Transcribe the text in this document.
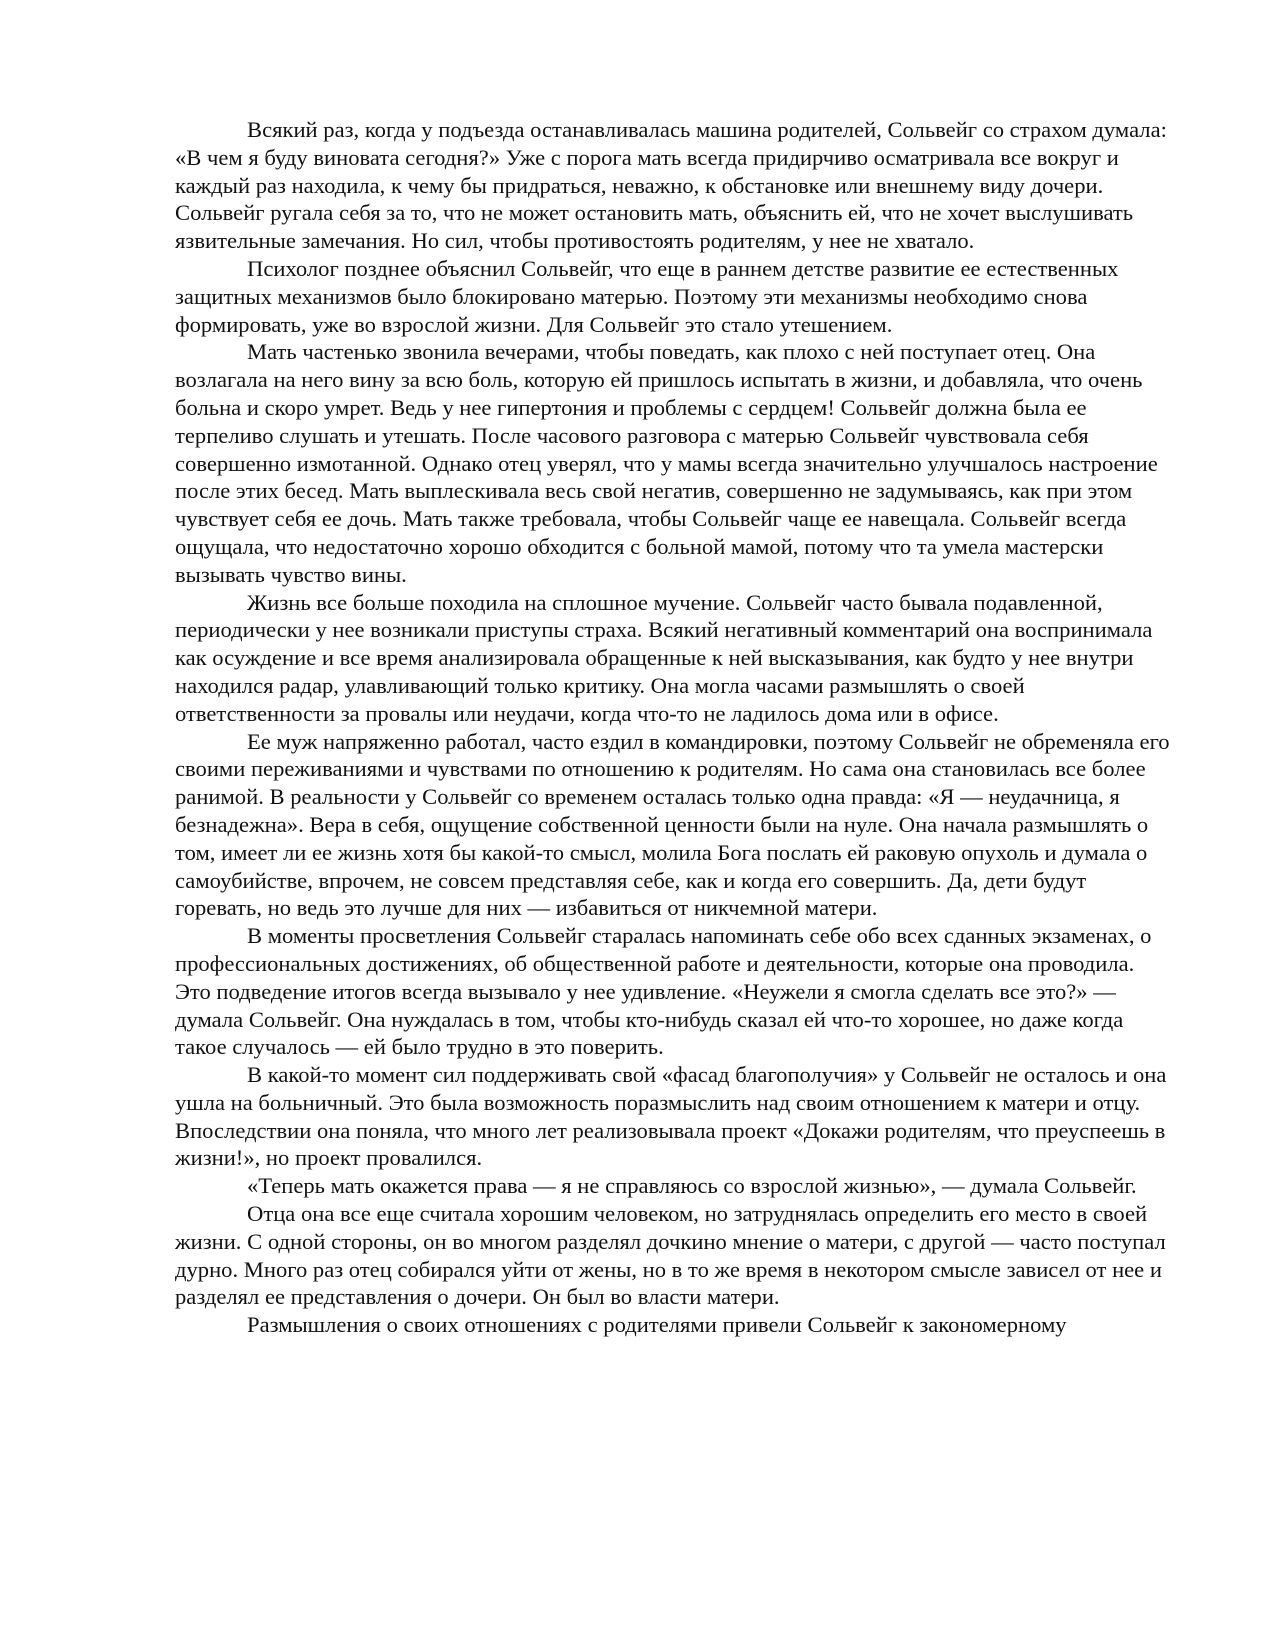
Всякий раз, когда у подъезда останавливалась машина родителей, Сольвейг со страхом думала: «В чем я буду виновата сегодня?» Уже с порога мать всегда придирчиво осматривала все вокруг и каждый раз находила, к чему бы придраться, неважно, к обстановке или внешнему виду дочери. Сольвейг ругала себя за то, что не может остановить мать, объяснить ей, что не хочет выслушивать язвительные замечания. Но сил, чтобы противостоять родителям, у нее не хватало.

Психолог позднее объяснил Сольвейг, что еще в раннем детстве развитие ее естественных защитных механизмов было блокировано матерью. Поэтому эти механизмы необходимо снова формировать, уже во взрослой жизни. Для Сольвейг это стало утешением.

Мать частенько звонила вечерами, чтобы поведать, как плохо с ней поступает отец. Она возлагала на него вину за всю боль, которую ей пришлось испытать в жизни, и добавляла, что очень больна и скоро умрет. Ведь у нее гипертония и проблемы с сердцем! Сольвейг должна была ее терпеливо слушать и утешать. После часового разговора с матерью Сольвейг чувствовала себя совершенно измотанной. Однако отец уверял, что у мамы всегда значительно улучшалось настроение после этих бесед. Мать выплескивала весь свой негатив, совершенно не задумываясь, как при этом чувствует себя ее дочь. Мать также требовала, чтобы Сольвейг чаще ее навещала. Сольвейг всегда ощущала, что недостаточно хорошо обходится с больной мамой, потому что та умела мастерски вызывать чувство вины.

Жизнь все больше походила на сплошное мучение. Сольвейг часто бывала подавленной, периодически у нее возникали приступы страха. Всякий негативный комментарий она воспринимала как осуждение и все время анализировала обращенные к ней высказывания, как будто у нее внутри находился радар, улавливающий только критику. Она могла часами размышлять о своей ответственности за провалы или неудачи, когда что-то не ладилось дома или в офисе.

Ее муж напряженно работал, часто ездил в командировки, поэтому Сольвейг не обременяла его своими переживаниями и чувствами по отношению к родителям. Но сама она становилась все более ранимой. В реальности у Сольвейг со временем осталась только одна правда: «Я — неудачница, я безнадежна». Вера в себя, ощущение собственной ценности были на нуле. Она начала размышлять о том, имеет ли ее жизнь хотя бы какой-то смысл, молила Бога послать ей раковую опухоль и думала о самоубийстве, впрочем, не совсем представляя себе, как и когда его совершить. Да, дети будут горевать, но ведь это лучше для них — избавиться от никчемной матери.

В моменты просветления Сольвейг старалась напоминать себе обо всех сданных экзаменах, о профессиональных достижениях, об общественной работе и деятельности, которые она проводила. Это подведение итогов всегда вызывало у нее удивление. «Неужели я смогла сделать все это?» — думала Сольвейг. Она нуждалась в том, чтобы кто-нибудь сказал ей что-то хорошее, но даже когда такое случалось — ей было трудно в это поверить.

В какой-то момент сил поддерживать свой «фасад благополучия» у Сольвейг не осталось и она ушла на больничный. Это была возможность поразмыслить над своим отношением к матери и отцу. Впоследствии она поняла, что много лет реализовывала проект «Докажи родителям, что преуспеешь в жизни!», но проект провалился.

«Теперь мать окажется права — я не справляюсь со взрослой жизнью», — думала Сольвейг.

Отца она все еще считала хорошим человеком, но затруднялась определить его место в своей жизни. С одной стороны, он во многом разделял дочкино мнение о матери, с другой — часто поступал дурно. Много раз отец собирался уйти от жены, но в то же время в некотором смысле зависел от нее и разделял ее представления о дочери. Он был во власти матери.

Размышления о своих отношениях с родителями привели Сольвейг к закономерному
